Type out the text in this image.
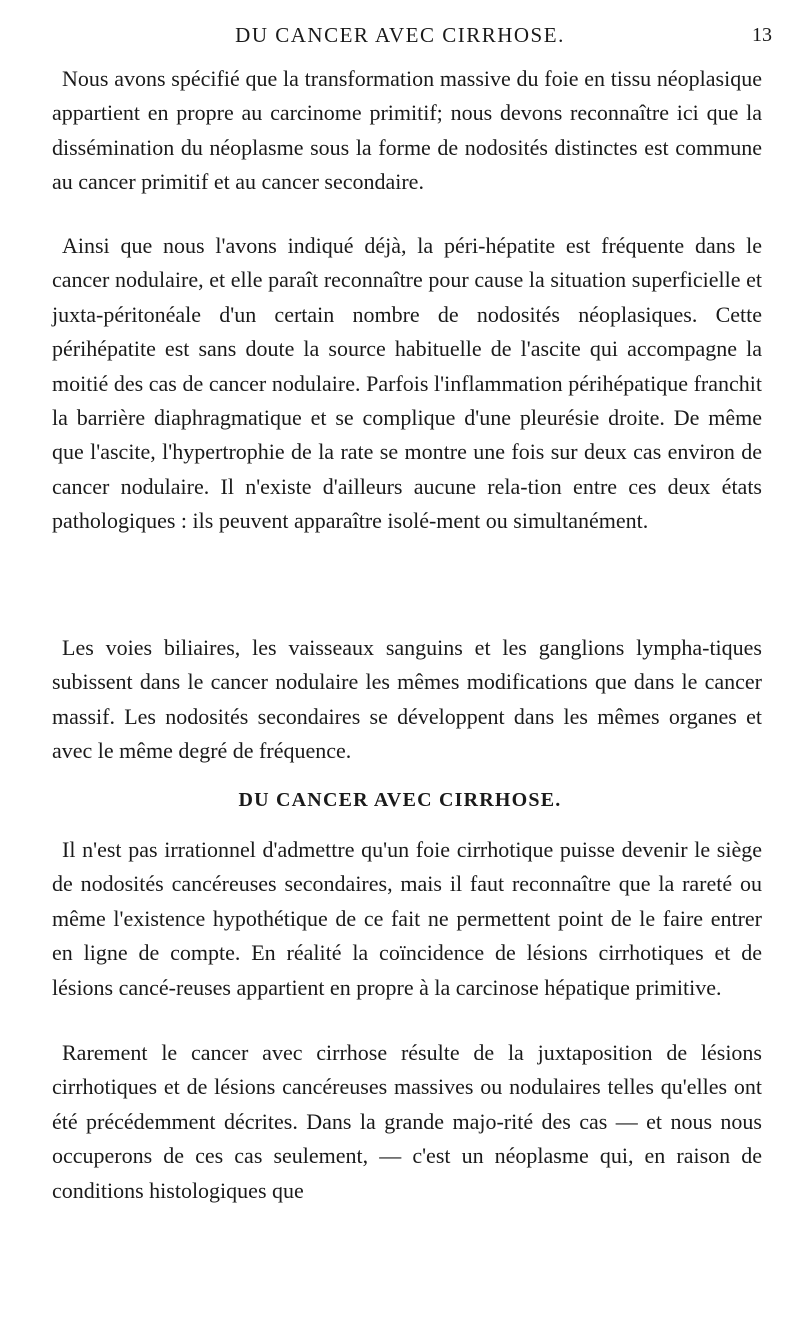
DU CANCER AVEC CIRRHOSE.	13

Nous avons spécifié que la transformation massive du foie en tissu néoplasique appartient en propre au carcinome primitif; nous devons reconnaître ici que la dissémination du néoplasme sous la forme de nodosités distinctes est commune au cancer primitif et au cancer secondaire.

Ainsi que nous l'avons indiqué déjà, la péri-hépatite est fréquente dans le cancer nodulaire, et elle paraît reconnaître pour cause la situation superficielle et juxta-péritonéale d'un certain nombre de nodosités néoplasiques. Cette périhépatite est sans doute la source habituelle de l'ascite qui accompagne la moitié des cas de cancer nodulaire. Parfois l'inflammation périhépatique franchit la barrière diaphragmatique et se complique d'une pleurésie droite. De même que l'ascite, l'hypertrophie de la rate se montre une fois sur deux cas environ de cancer nodulaire. Il n'existe d'ailleurs aucune rela-tion entre ces deux états pathologiques : ils peuvent apparaître isolé-ment ou simultanément.

Les voies biliaires, les vaisseaux sanguins et les ganglions lympha-tiques subissent dans le cancer nodulaire les mêmes modifications que dans le cancer massif. Les nodosités secondaires se développent dans les mêmes organes et avec le même degré de fréquence.

DU CANCER AVEC CIRRHOSE.

Il n'est pas irrationnel d'admettre qu'un foie cirrhotique puisse devenir le siège de nodosités cancéreuses secondaires, mais il faut reconnaître que la rareté ou même l'existence hypothétique de ce fait ne permettent point de le faire entrer en ligne de compte. En réalité la coïncidence de lésions cirrhotiques et de lésions cancé-reuses appartient en propre à la carcinose hépatique primitive.

Rarement le cancer avec cirrhose résulte de la juxtaposition de lésions cirrhotiques et de lésions cancéreuses massives ou nodulaires telles qu'elles ont été précédemment décrites. Dans la grande majo-rité des cas — et nous nous occuperons de ces cas seulement, — c'est un néoplasme qui, en raison de conditions histologiques que
